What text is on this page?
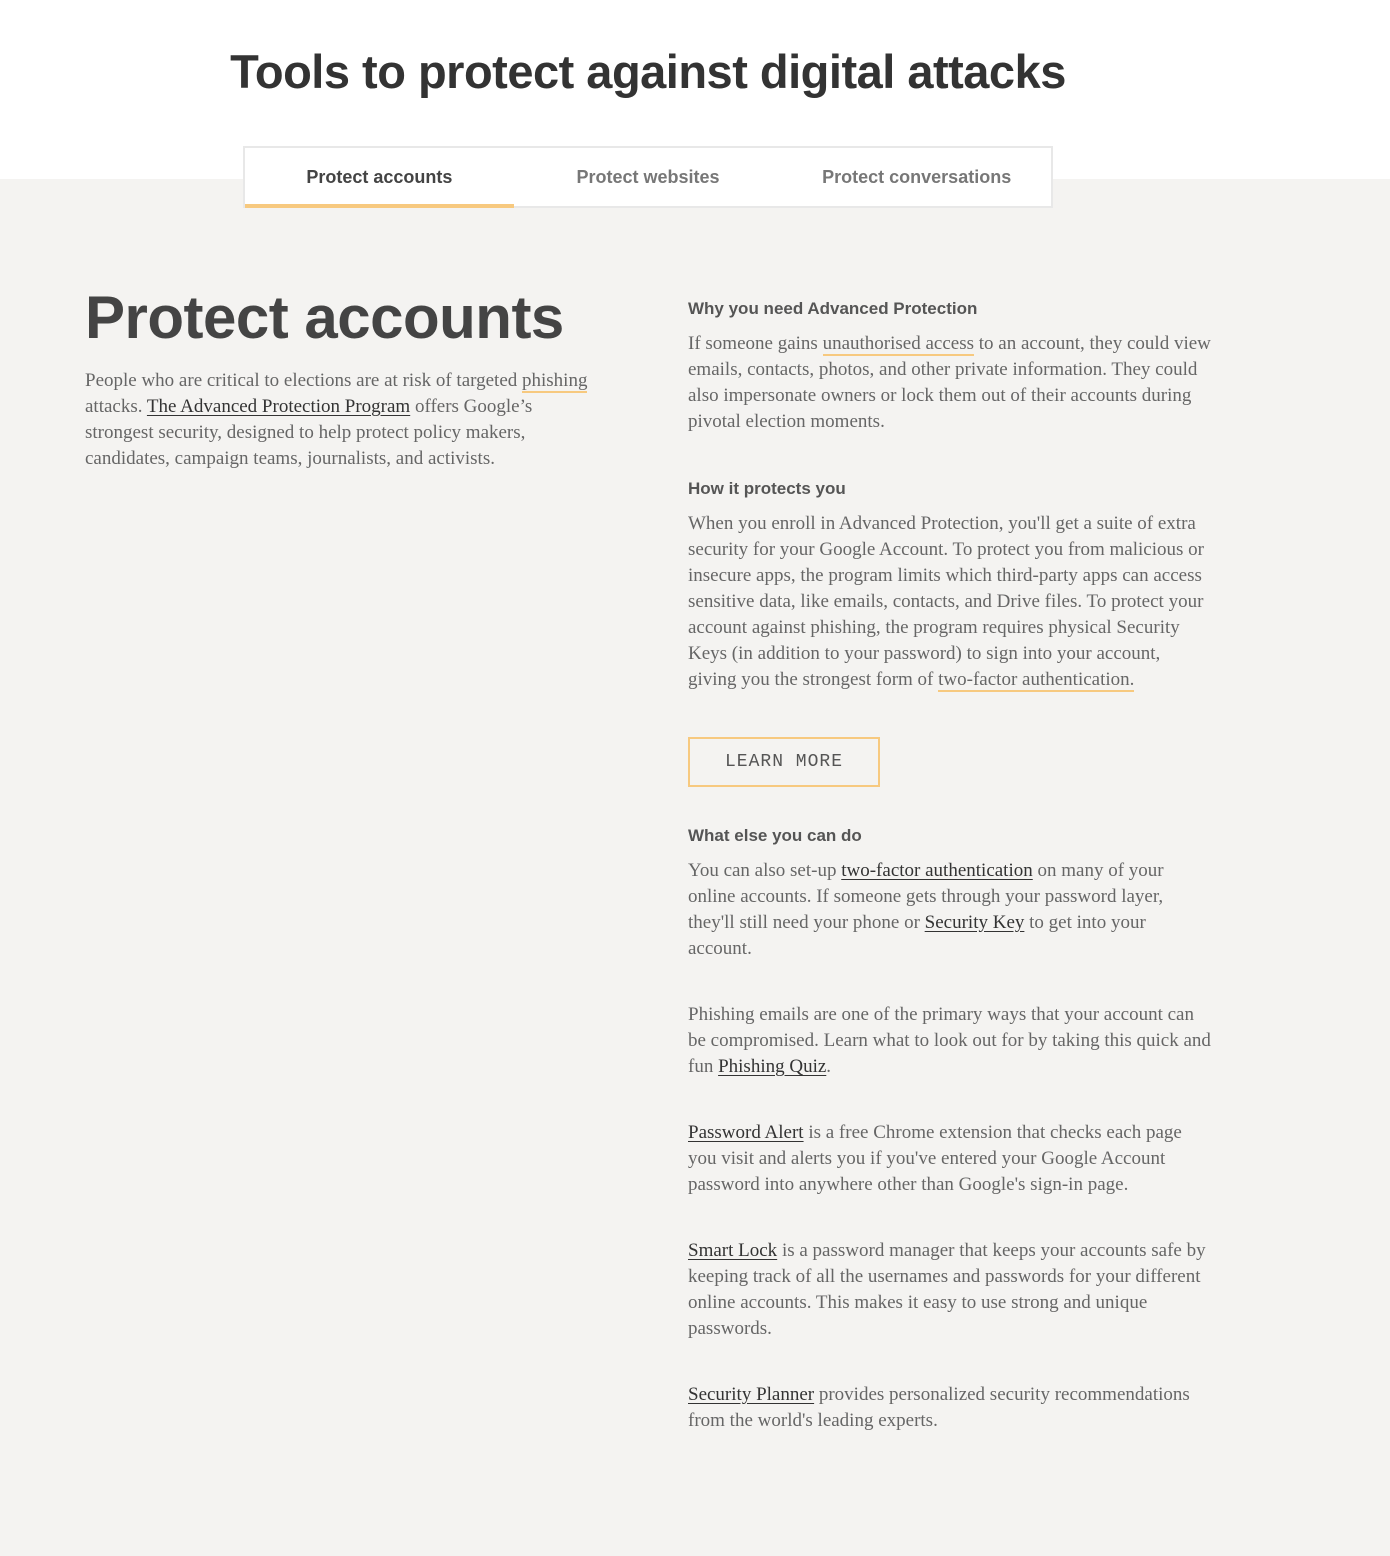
Tools to protect against digital attacks
Protect accounts	Protect websites	Protect conversations
Protect accounts

People who are critical to elections are at risk of targeted phishing attacks. The Advanced Protection Program offers Google’s strongest security, designed to help protect policy makers, candidates, campaign teams, journalists, and activists.

Why you need Advanced Protection

If someone gains unauthorised access to an account, they could view emails, contacts, photos, and other private information. They could also impersonate owners or lock them out of their accounts during pivotal election moments.

How it protects you

When you enroll in Advanced Protection, you'll get a suite of extra security for your Google Account. To protect you from malicious or insecure apps, the program limits which third-party apps can access sensitive data, like emails, contacts, and Drive files. To protect your account against phishing, the program requires physical Security Keys (in addition to your password) to sign into your account, giving you the strongest form of two-factor authentication.

LEARN MORE
What else you can do

You can also set-up two-factor authentication on many of your online accounts. If someone gets through your password layer, they'll still need your phone or Security Key to get into your account.

Phishing emails are one of the primary ways that your account can be compromised. Learn what to look out for by taking this quick and fun Phishing Quiz.

Password Alert is a free Chrome extension that checks each page you visit and alerts you if you've entered your Google Account password into anywhere other than Google's sign-in page.

Smart Lock is a password manager that keeps your accounts safe by keeping track of all the usernames and passwords for your different online accounts. This makes it easy to use strong and unique passwords.

Security Planner provides personalized security recommendations from the world's leading experts.
